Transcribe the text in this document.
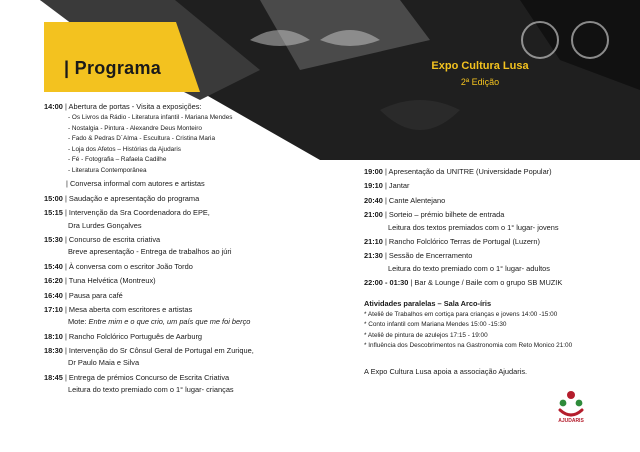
| Programa	Expo Cultura Lusa
2ª Edição
14:00 | Abertura de portas - Visita a exposições:
- Os Livros da Rádio - Literatura infantil - Mariana Mendes
- Nostalgia - Pintura - Alexandre Deus Monteiro
- Fado & Pedras D´Alma - Escultura - Cristina Maria
- Loja dos Afetos – Histórias da Ajudaris
- Fé - Fotografia – Rafaela Cadilhe
- Literatura Contemporânea
| Conversa informal com autores e artistas
15:00 | Saudação e apresentação do programa
15:15 | Intervenção da Sra Coordenadora do EPE,
Dra Lurdes Gonçalves
15:30 | Concurso de escrita criativa
Breve apresentação - Entrega de trabalhos ao júri
15:40 | À conversa com o escritor João Tordo
16:20 | Tuna Helvética (Montreux)
16:40 | Pausa para café
17:10 | Mesa aberta com escritores e artistas
Mote: Entre mim e o que crio, um país que me foi berço
18:10 | Rancho Folclórico Português de Aarburg
18:30 | Intervenção do Sr Cônsul Geral de Portugal em Zurique,
Dr Paulo Maia e Silva
18:45 | Entrega de prémios Concurso de Escrita Criativa
Leitura do texto premiado com o 1° lugar- crianças
19:00 | Apresentação da UNITRE (Universidade Popular)
19:10 | Jantar
20:40 | Cante Alentejano
21:00 | Sorteio – prémio bilhete de entrada
Leitura dos textos premiados com o 1° lugar- jovens
21:10 | Rancho Folclórico Terras de Portugal (Luzern)
21:30 | Sessão de Encerramento
Leitura do texto premiado com o 1° lugar- adultos
22:00 - 01:30 | Bar & Lounge / Baile com o grupo SB MUZIK
Atividades paralelas – Sala Arco-íris
* Ateliê de Trabalhos em cortiça para crianças e jovens 14:00 -15:00
* Conto infantil com Mariana Mendes 15:00 -15:30
* Ateliê de pintura de azulejos 17:15 - 19:00
* Influência dos Descobrimentos na Gastronomia com Reto Monico 21:00
A Expo Cultura Lusa apoia a associação Ajudaris.
AJUDARIS
